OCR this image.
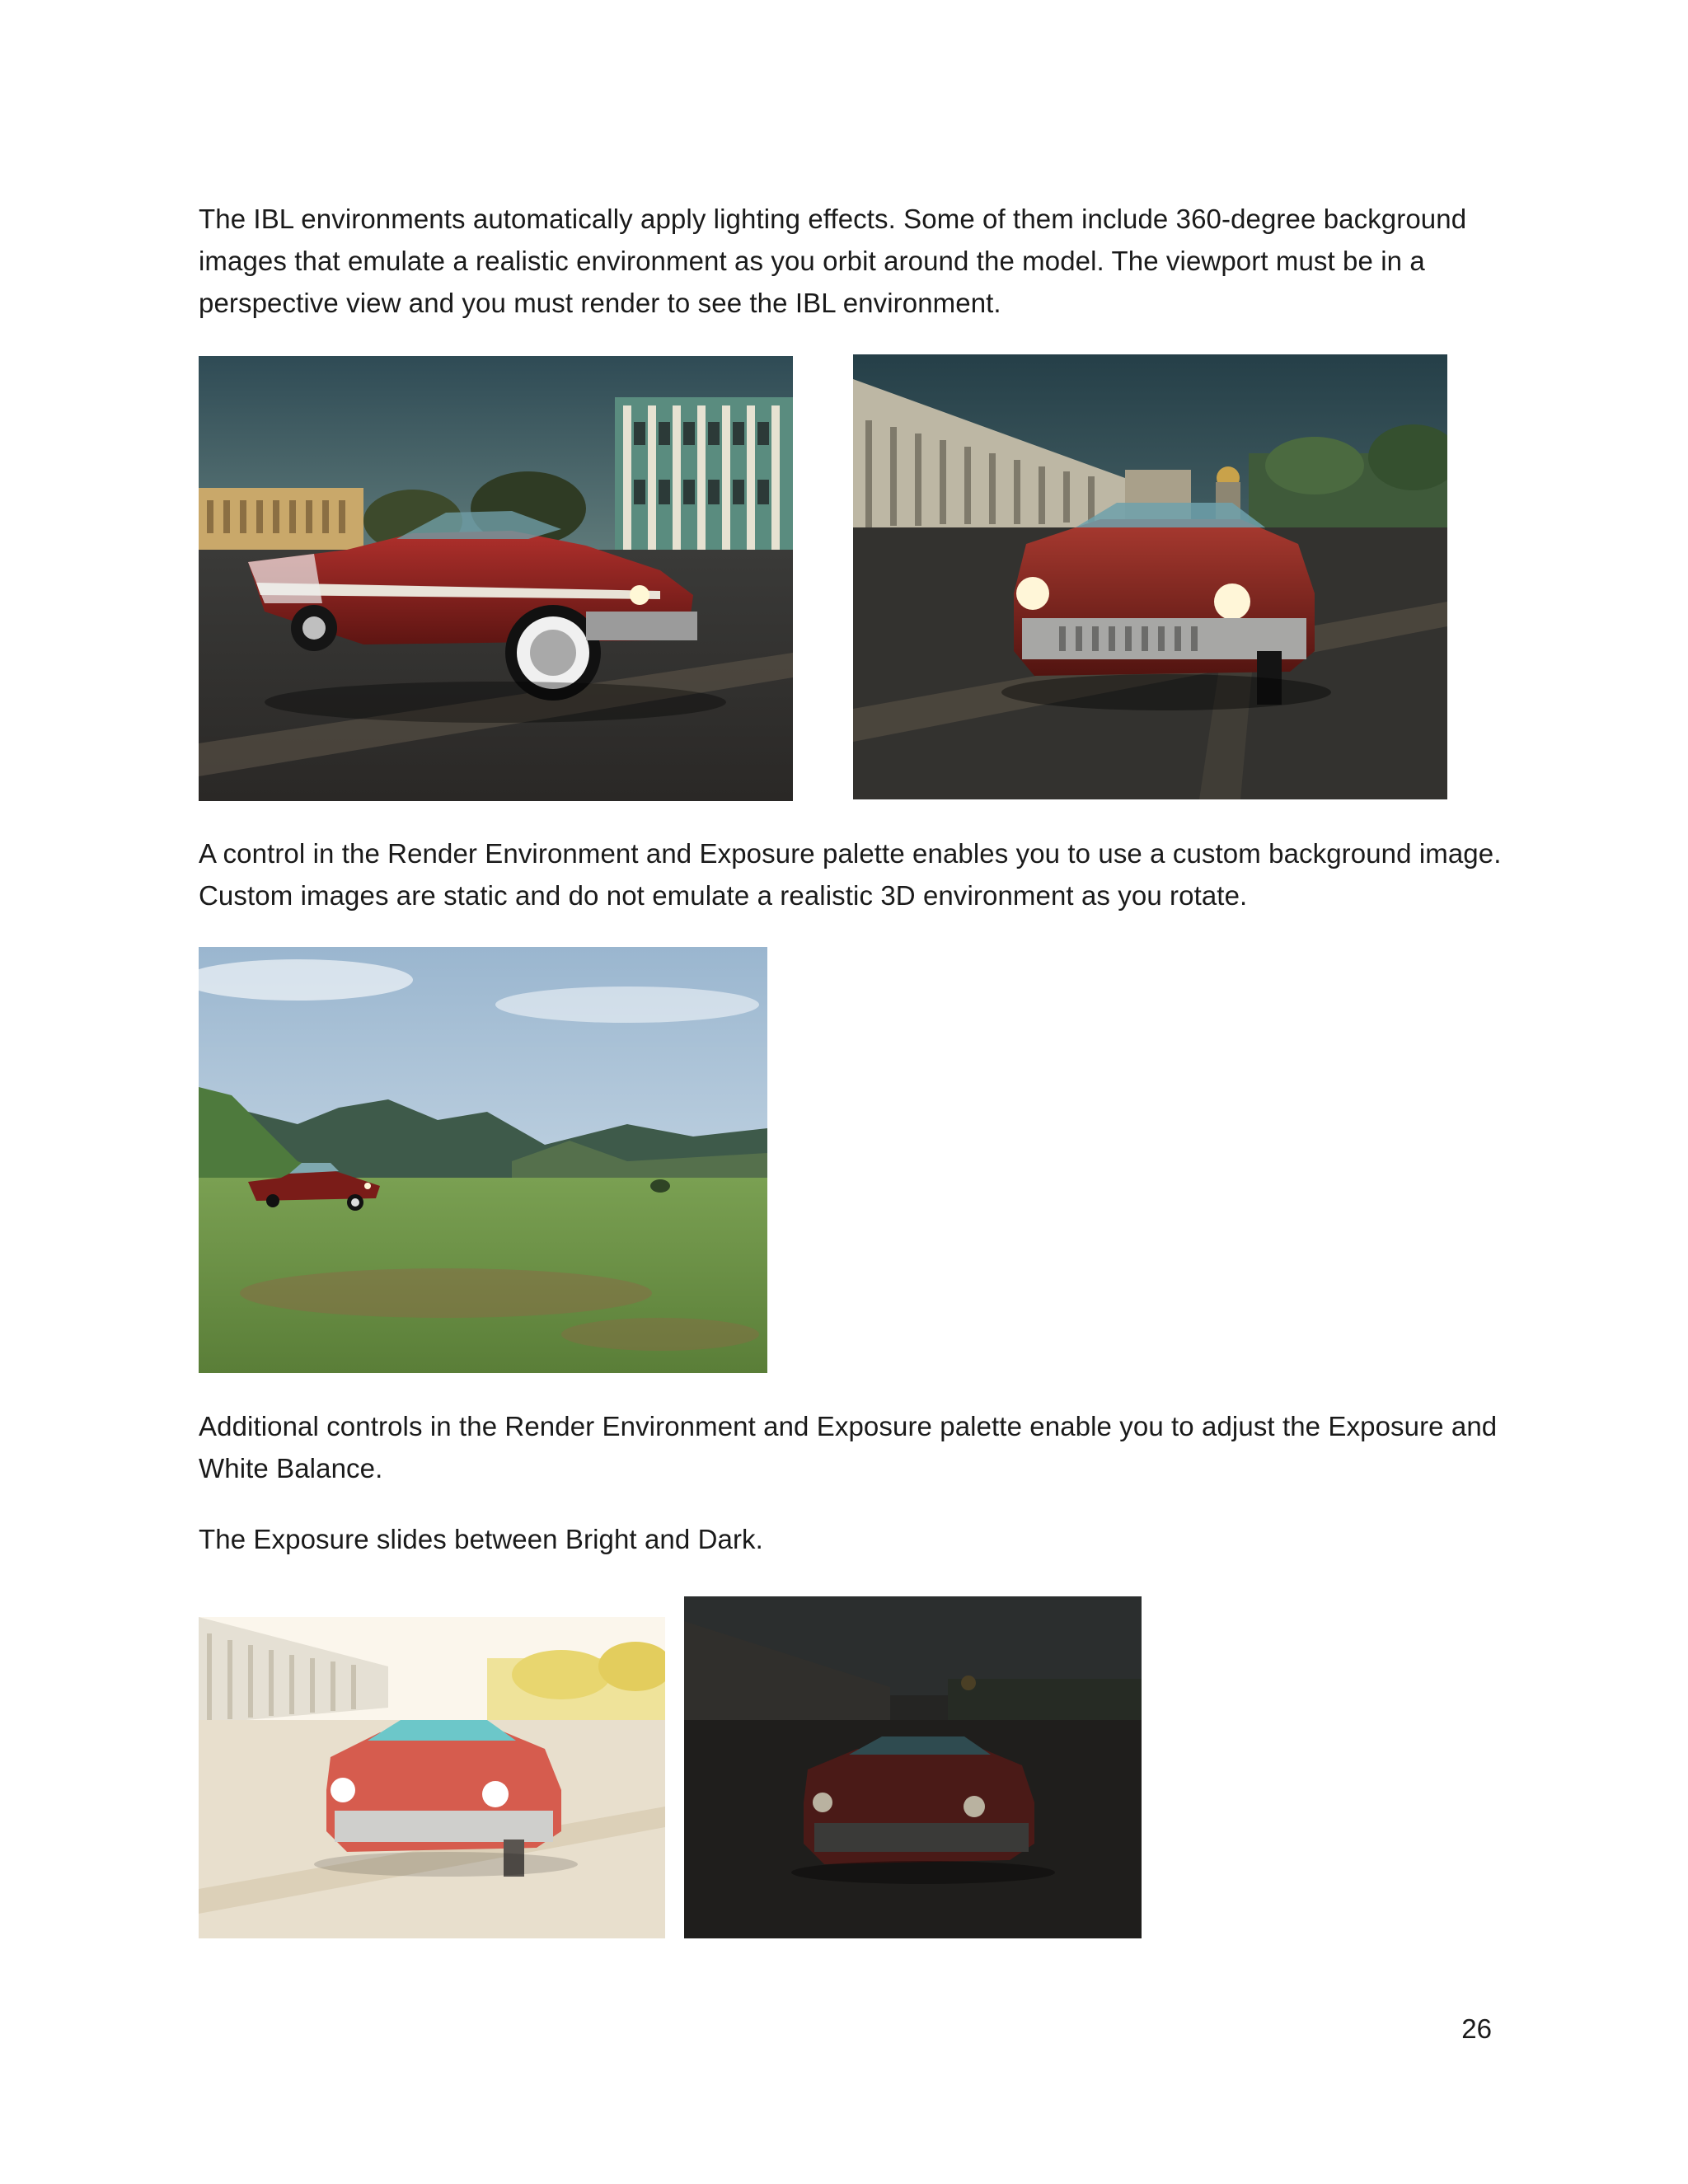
The IBL environments automatically apply lighting effects. Some of them include 360-degree background images that emulate a realistic environment as you orbit around the model. The viewport must be in a perspective view and you must render to see the IBL environment.

A control in the Render Environment and Exposure palette enables you to use a custom background image. Custom images are static and do not emulate a realistic 3D environment as you rotate.

Additional controls in the Render Environment and Exposure palette enable you to adjust the Exposure and White Balance.

The Exposure slides between Bright and Dark.

26
